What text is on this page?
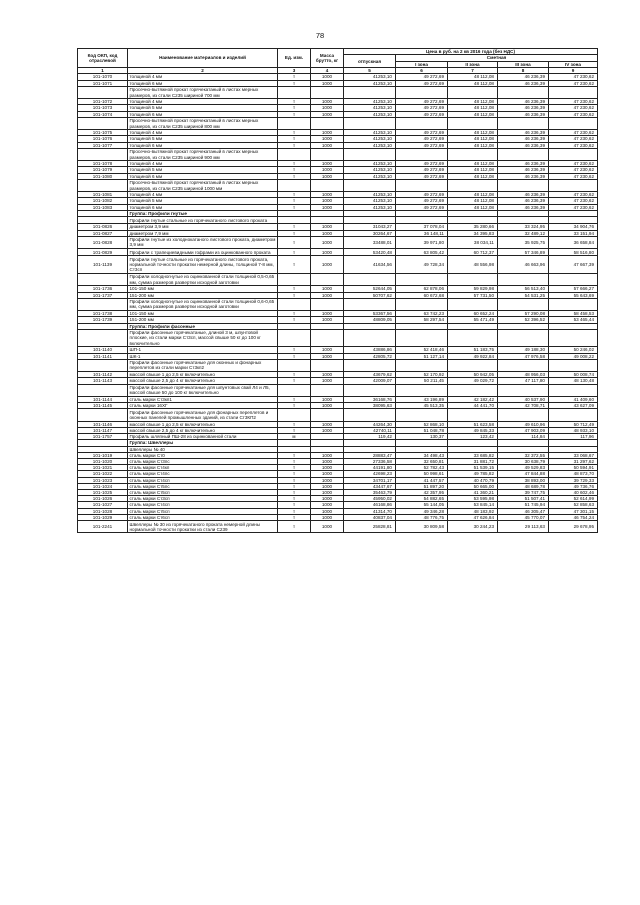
78
Код ОКП, код отраслевой	Наименование материалов и изделий	Ед. изм.	Масса брутто, кг	Цена в руб. на 2 кв 2016 года (без НДС)				
				отпускная	Сметная			
					I зона	II зона	III зона	IV зона
1	2	3	4	5	6	7	8	9
101-1070	толщиной 4 мм	т	1000	41253,10	49 272,69	48 112,08	46 236,39	47 230,62
101-1071	толщиной 6 мм	т	1000	41253,10	49 272,69	48 112,08	46 236,39	47 230,62
	Просечно-вытяжной прокат горячекатаный в листах мерных размеров, из стали С235 шириной 700 мм							
101-1072	толщиной 4 мм	т	1000	41253,10	49 272,69	48 112,08	46 236,39	47 230,62
101-1073	толщиной 5 мм	т	1000	41253,10	49 272,69	48 112,08	46 236,39	47 230,62
101-1074	толщиной 6 мм	т	1000	41253,10	49 272,69	48 112,08	46 236,39	47 230,62
	Просечно-вытяжной прокат горячекатаный в листах мерных размеров, из стали С235 шириной 800 мм							
101-1075	толщиной 4 мм	т	1000	41253,10	49 272,69	48 112,08	46 236,39	47 230,62
101-1076	толщиной 5 мм	т	1000	41253,10	49 272,69	48 112,08	46 236,39	47 230,62
101-1077	толщиной 6 мм	т	1000	41253,10	49 272,69	48 112,08	46 236,39	47 230,62
	Просечно-вытяжной прокат горячекатаный в листах мерных размеров, из стали С235 шириной 900 мм							
101-1078	толщиной 4 мм	т	1000	41253,10	49 272,69	48 112,08	46 236,39	47 230,62
101-1079	толщиной 5 мм	т	1000	41253,10	49 272,69	48 112,08	46 236,39	47 230,62
101-1080	толщиной 6 мм	т	1000	41253,10	49 272,69	48 112,08	46 236,39	47 230,62
	Просечно-вытяжной прокат горячекатаный в листах мерных размеров, из стали С235 шириной 1000 мм							
101-1081	толщиной 4 мм	т	1000	41253,10	49 272,69	48 112,08	46 236,39	47 230,62
101-1082	толщиной 5 мм	т	1000	41253,10	49 272,69	48 112,08	46 236,39	47 230,62
101-1083	толщиной 6 мм	т	1000	41253,10	49 272,69	48 112,08	46 236,39	47 230,62
	Группа: Профили гнутые							
	Профили гнутые стальные из горячекатаного листового проката							
101-0826	диаметром 3,9 мм	т	1000	31043,27	37 078,04	35 280,66	33 324,95	34 904,76
101-0827	диаметром 7,9 мм	т	1000	30264,67	36 148,11	34 395,83	32 489,12	33 151,94
101-0828	Профили гнутые из холоднокатаного листового проката, диаметром 3,9 мм	т	1000	33488,01	39 971,80	38 034,11	35 925,75	36 658,84
101-0829	Профили с трапециевидными гофрами из оцинкованного проката	т	1000	53420,48	63 805,42	60 712,37	57 346,89	58 516,80
101-1139	Профили гнутые стальные из горячекатаного листового проката, нормальной точности прокатки немерной длины, толщиной 7-8 мм, Ст3сп	т	1000	41634,56	49 728,34	48 556,98	46 663,96	47 667,39
	Профили холодногнутые из оцинкованной стали толщиной 0,5-0,65 мм, сумма размеров развертки исходной заготовки							
101-1736	101-150 мм	т	1000	52644,05	62 878,06	59 829,98	56 513,40	57 666,27
101-1737	151-200 мм	т	1000	50707,62	60 672,68	57 731,50	54 531,25	55 643,69
	Профили холодногнутые из оцинкованной стали толщиной 0,6-0,65 мм, сумма размеров развертки исходной заготовки							
101-1738	101-150 мм	т	1000	53367,56	63 742,23	60 652,24	57 290,08	58 458,53
101-1739	151-200 мм	т	1000	48809,05	58 297,54	55 471,49	52 396,52	53 465,44
	Группа: Профили фасонные							
	Профили фасонные горячекатаные, длиной 3 м, шпунтовой плоские, из стали марки Ст3сп, массой свыше 50 кг до 100 кг включительно							
101-1140	ШП-1	т	1000	43886,86	52 418,46	51 183,75	49 188,30	50 246,02
101-1141	ШК-1	т	1000	42805,72	51 127,14	49 922,84	47 976,58	49 008,22
	Профили фасонные горячекатаные для оконных и фонарных переплетов из стали марки Ст3кп2							
101-1142	массой свыше 1 до 2,5 кг включительно	т	1000	43679,62	52 170,92	50 942,05	48 956,03	50 008,74
101-1143	массой свыше 2,5 до 4 кг включительно	т	1000	42009,07	50 211,45	49 029,72	47 117,80	48 130,48
	Профили фасонные горячекатаные для шпунтовых свай Л4 и Л5, массой свыше 50 до 100 кг включительно							
101-1144	сталь марки Ст3кп1	т	1000	36168,76	43 196,89	42 182,42	40 537,90	41 409,60
101-1145	сталь марки 16ХГ	т	1000	38095,63	45 513,35	44 441,70	42 708,71	43 627,09
	Профили фасонные горячекатаные для фонарных переплетов и оконных панелей промышленных зданий, из стали Ст3КП2							
101-1146	массой свыше 1 до 2,5 кг включительно	т	1000	44264,30	52 868,10	51 623,58	49 610,96	50 712,49
101-1147	массой свыше 2,5 до 4 кг включительно	т	1000	42740,11	51 048,78	49 845,33	47 903,09	48 933,10
101-1757	Профиль шляпный ПШ-28 из оцинкованной стали	м		119,42	130,37	123,42	114,84	117,96
	Группа: Швеллеры							
	Швеллеры № 40							
101-1019	сталь марки Ст0	т	1000	28883,47	34 498,43	33 685,82	32 372,55	33 068,67
101-1020	сталь марки Ст3пс	т	1000	27336,58	32 650,81	31 881,72	30 638,79	31 297,62
101-1021	сталь марки Ст4кп	т	1000	44191,80	52 782,43	51 539,15	49 529,83	50 594,91
101-1022	сталь марки Ст4пс	т	1000	42698,23	50 998,61	49 785,82	47 844,88	48 873,70
101-1023	сталь марки Ст4сп	т	1000	34701,17	41 447,57	40 470,79	38 893,00	39 729,33
101-1024	сталь марки Ст5пс	т	1000	43447,67	51 897,20	50 665,00	48 689,78	49 736,76
101-1025	сталь марки Ст5сп	т	1000	35463,79	42 357,95	41 360,21	39 747,75	40 602,46
101-1026	сталь марки Ст3сп	т	1000	45950,02	54 882,65	53 595,98	51 507,41	52 614,99
101-1027	сталь марки Ст4сп	т	1000	46168,86	55 144,05	53 845,14	51 745,94	52 858,63
101-1028	сталь марки Ст5сп	т	1000	41314,70	49 346,28	48 183,92	46 305,47	47 301,15
101-1029	сталь марки Ст6сп	т	1000	40837,04	48 776,75	47 626,84	45 770,07	46 754,24
101-2241	Швеллеры № 30 из горячекатаного проката немерной длины нормальной точности прокатки из стали С239	т	1000	25828,81	30 809,58	30 244,23	29 113,63	29 678,95
